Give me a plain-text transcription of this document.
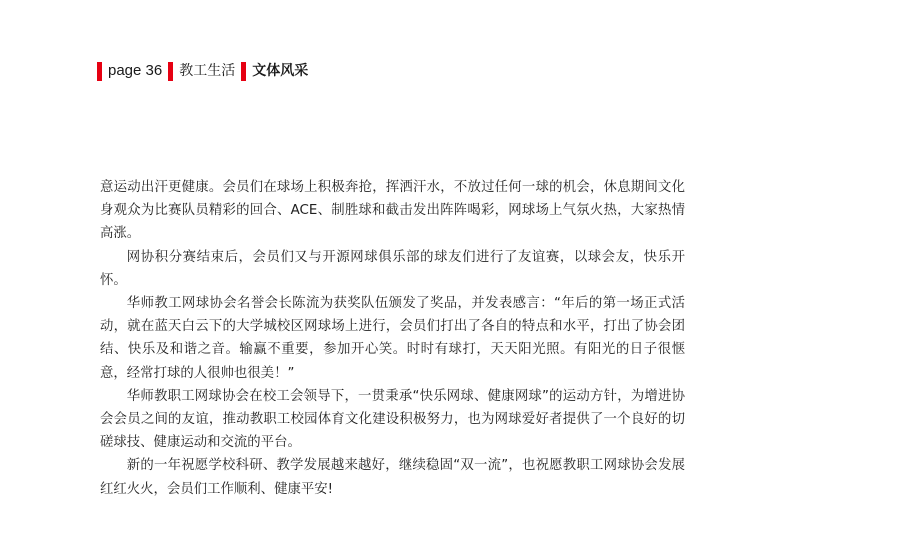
page 36 教工生活 文体风采

意运动出汗更健康。会员们在球场上积极奔抢，挥洒汗水，不放过任何一球的机会，休息期间文化身观众为比赛队员精彩的回合、ACE、制胜球和截击发出阵阵喝彩，网球场上气氛火热，大家热情高涨。

网协积分赛结束后，会员们又与开源网球俱乐部的球友们进行了友谊赛，以球会友，快乐开怀。

华师教工网球协会名誉会长陈流为获奖队伍颁发了奖品，并发表感言：“年后的第一场正式活动，就在蓝天白云下的大学城校区网球场上进行，会员们打出了各自的特点和水平，打出了协会团结、快乐及和谐之音。输赢不重要，参加开心笑。时时有球打，天天阳光照。有阳光的日子很惬意，经常打球的人很帅也很美！”

华师教职工网球协会在校工会领导下，一贯秉承“快乐网球、健康网球”的运动方针，为增进协会会员之间的友谊，推动教职工校园体育文化建设积极努力，也为网球爱好者提供了一个良好的切磋球技、健康运动和交流的平台。

新的一年祝愿学校科研、教学发展越来越好，继续稳固“双一流”，也祝愿教职工网球协会发展红红火火，会员们工作顺利、健康平安!
